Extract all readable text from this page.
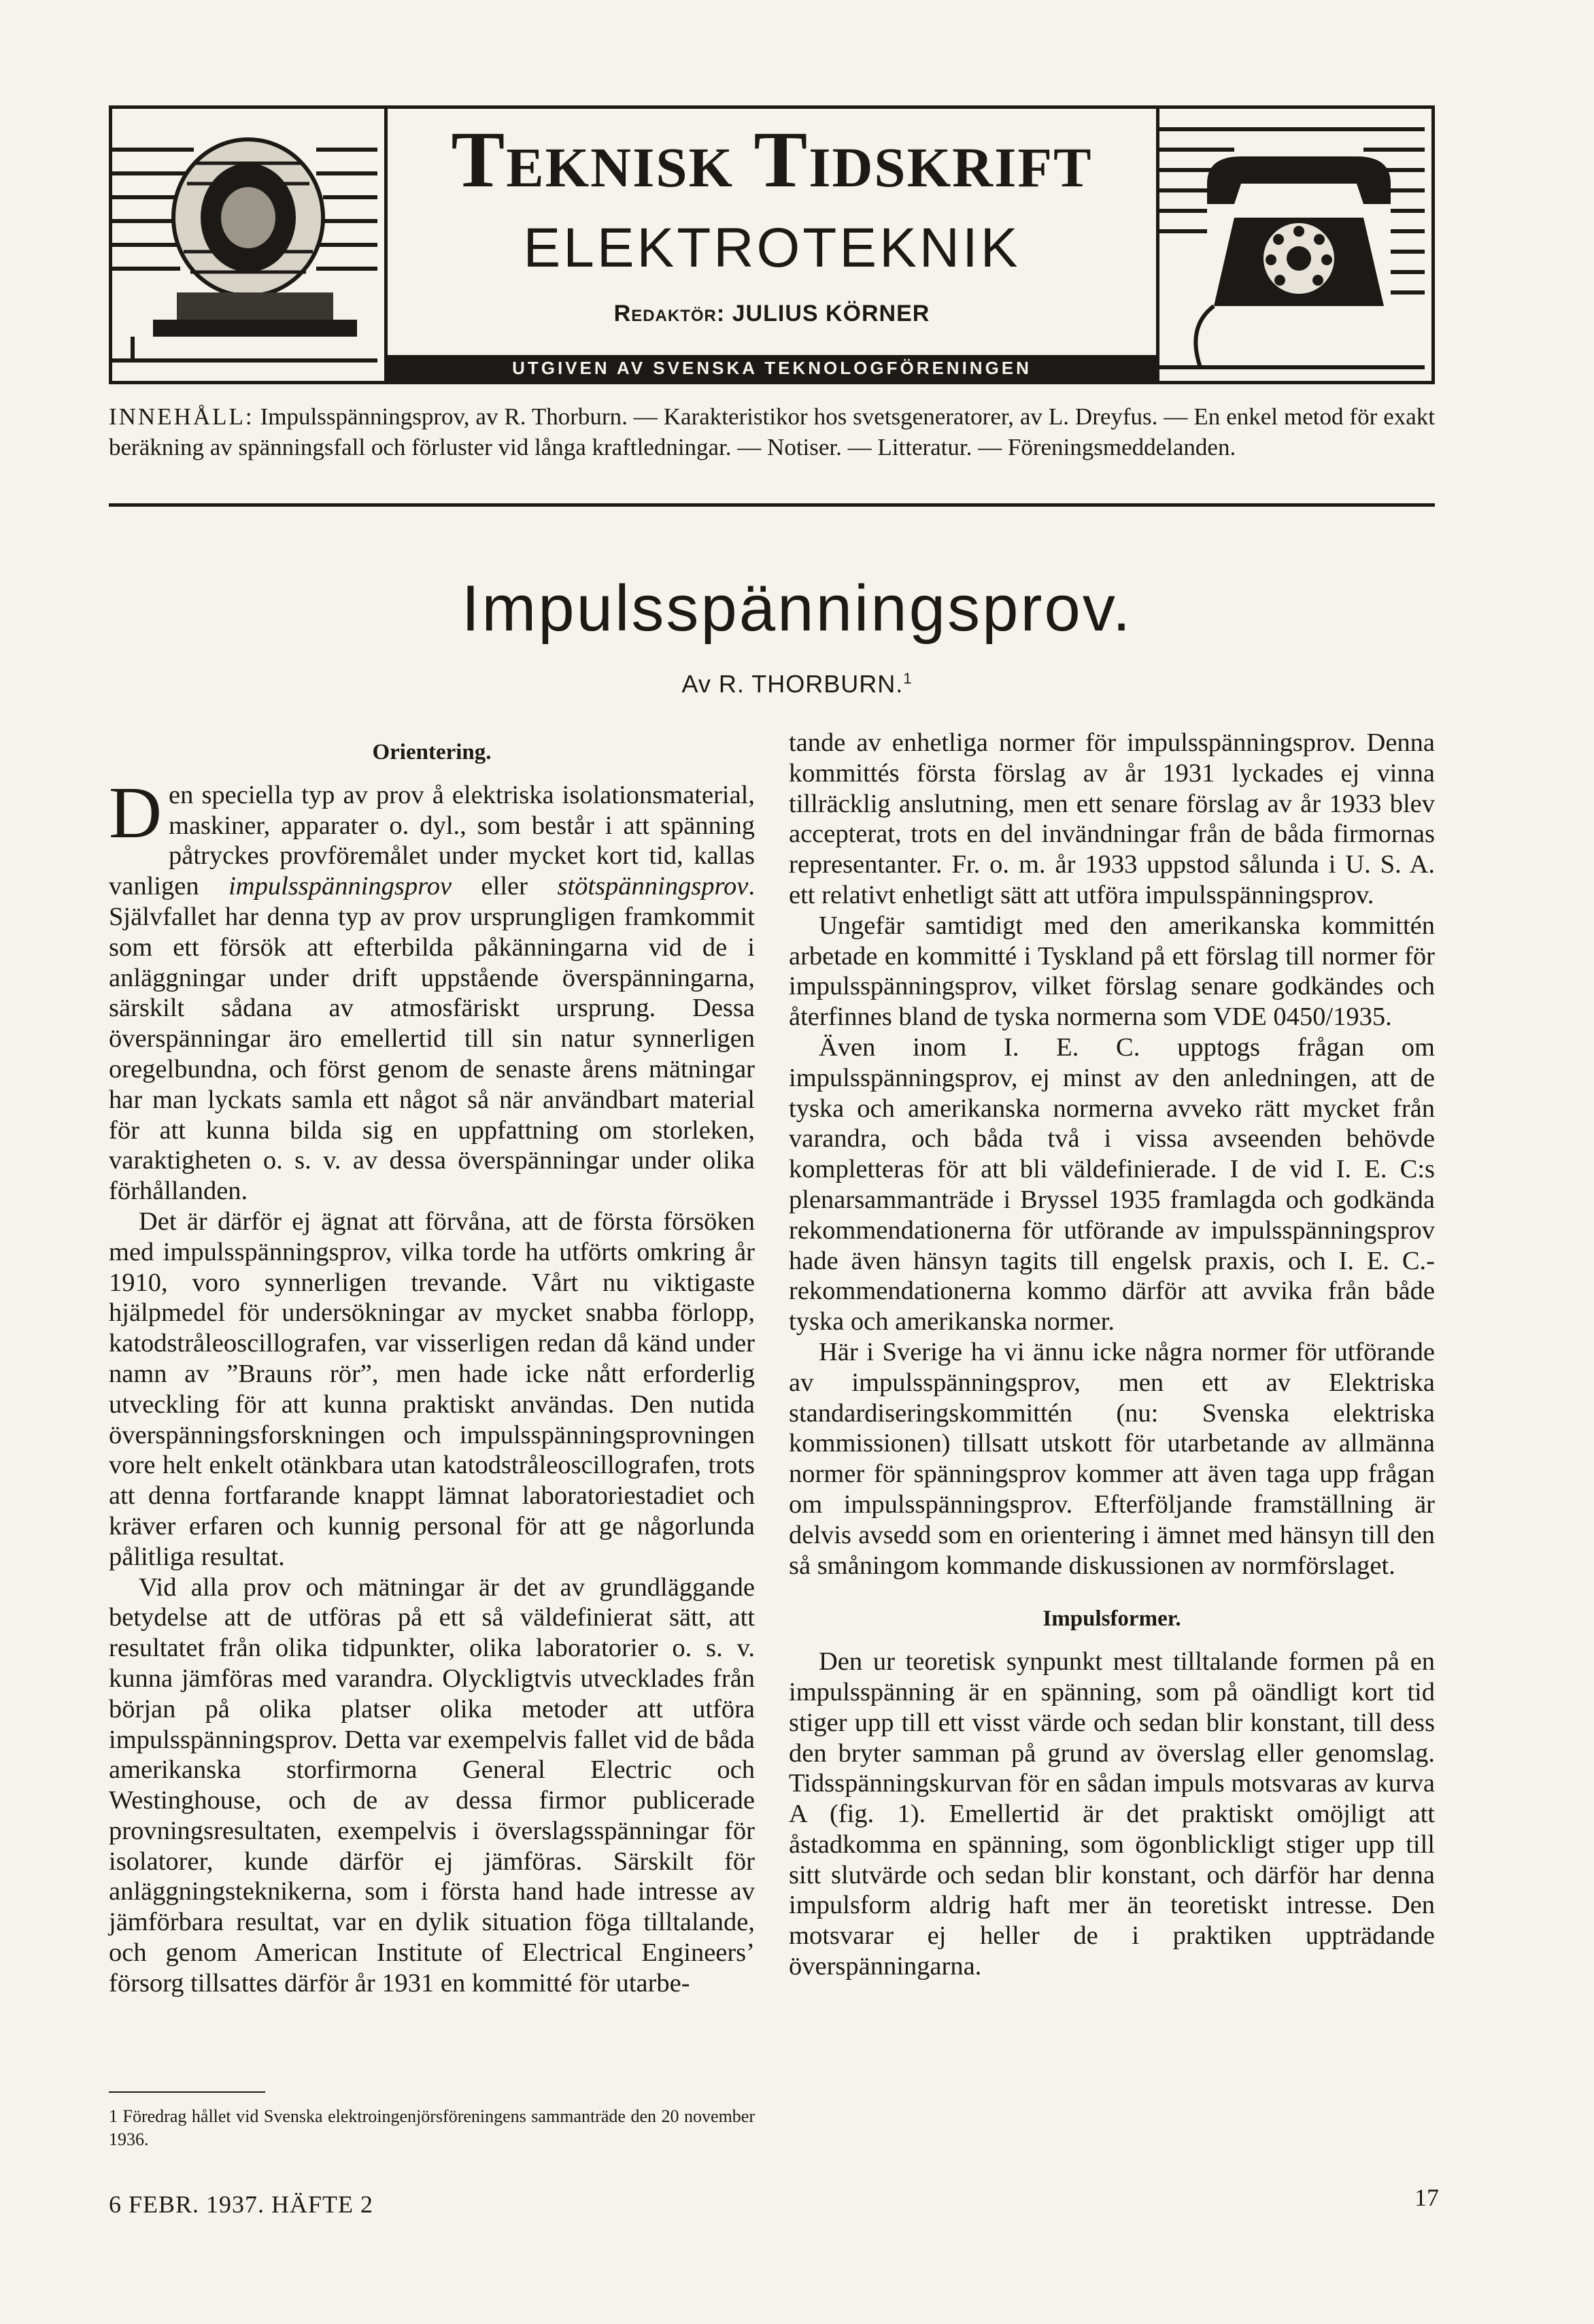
Teknisk Tidskrift
ELEKTROTEKNIK
Redaktör: JULIUS KÖRNER
UTGIVEN AV SVENSKA TEKNOLOGFÖRENINGEN
INNEHÅLL: Impulsspänningsprov, av R. Thorburn. — Karakteristikor hos svetsgeneratorer, av L. Dreyfus. — En enkel metod för exakt beräkning av spänningsfall och förluster vid långa kraftledningar. — Notiser. — Litteratur. — Föreningsmeddelanden.
Impulsspänningsprov.
Av R. THORBURN.$^1$
Orientering.

Den speciella typ av prov å elektriska isolationsmaterial, maskiner, apparater o. dyl., som består i att spänning påtryckes provföremålet under mycket kort tid, kallas vanligen impulsspänningsprov eller stötspänningsprov. Självfallet har denna typ av prov ursprungligen framkommit som ett försök att efterbilda påkänningarna vid de i anläggningar under drift uppstående överspänningarna, särskilt sådana av atmosfäriskt ursprung. Dessa överspänningar äro emellertid till sin natur synnerligen oregelbundna, och först genom de senaste årens mätningar har man lyckats samla ett något så när användbart material för att kunna bilda sig en uppfattning om storleken, varaktigheten o. s. v. av dessa överspänningar under olika förhållanden.

Det är därför ej ägnat att förvåna, att de första försöken med impulsspänningsprov, vilka torde ha utförts omkring år 1910, voro synnerligen trevande. Vårt nu viktigaste hjälpmedel för undersökningar av mycket snabba förlopp, katodstråleoscillografen, var visserligen redan då känd under namn av ”Brauns rör”, men hade icke nått erforderlig utveckling för att kunna praktiskt användas. Den nutida överspänningsforskningen och impulsspänningsprovningen vore helt enkelt otänkbara utan katodstråleoscillografen, trots att denna fortfarande knappt lämnat laboratoriestadiet och kräver erfaren och kunnig personal för att ge någorlunda pålitliga resultat.

Vid alla prov och mätningar är det av grundläggande betydelse att de utföras på ett så väldefinierat sätt, att resultatet från olika tidpunkter, olika laboratorier o. s. v. kunna jämföras med varandra. Olyckligtvis utvecklades från början på olika platser olika metoder att utföra impulsspänningsprov. Detta var exempelvis fallet vid de båda amerikanska storfirmorna General Electric och Westinghouse, och de av dessa firmor publicerade provningsresultaten, exempelvis i överslagsspänningar för isolatorer, kunde därför ej jämföras. Särskilt för anläggningsteknikerna, som i första hand hade intresse av jämförbara resultat, var en dylik situation föga tilltalande, och genom American Institute of Electrical Engineers’ försorg tillsattes därför år 1931 en kommitté för utarbe-

1 Föredrag hållet vid Svenska elektroingenjörsföreningens sammanträde den 20 november 1936.

tande av enhetliga normer för impulsspänningsprov. Denna kommittés första förslag av år 1931 lyckades ej vinna tillräcklig anslutning, men ett senare förslag av år 1933 blev accepterat, trots en del invändningar från de båda firmornas representanter. Fr. o. m. år 1933 uppstod sålunda i U. S. A. ett relativt enhetligt sätt att utföra impulsspänningsprov.

Ungefär samtidigt med den amerikanska kommittén arbetade en kommitté i Tyskland på ett förslag till normer för impulsspänningsprov, vilket förslag senare godkändes och återfinnes bland de tyska normerna som VDE 0450/1935.

Även inom I. E. C. upptogs frågan om impulsspänningsprov, ej minst av den anledningen, att de tyska och amerikanska normerna avveko rätt mycket från varandra, och båda två i vissa avseenden behövde kompletteras för att bli väldefinierade. I de vid I. E. C:s plenarsammanträde i Bryssel 1935 framlagda och godkända rekommendationerna för utförande av impulsspänningsprov hade även hänsyn tagits till engelsk praxis, och I. E. C.-rekommendationerna kommo därför att avvika från både tyska och amerikanska normer.

Här i Sverige ha vi ännu icke några normer för utförande av impulsspänningsprov, men ett av Elektriska standardiseringskommittén (nu: Svenska elektriska kommissionen) tillsatt utskott för utarbetande av allmänna normer för spänningsprov kommer att även taga upp frågan om impulsspänningsprov. Efterföljande framställning är delvis avsedd som en orientering i ämnet med hänsyn till den så småningom kommande diskussionen av normförslaget.

Impulsformer.

Den ur teoretisk synpunkt mest tilltalande formen på en impulsspänning är en spänning, som på oändligt kort tid stiger upp till ett visst värde och sedan blir konstant, till dess den bryter samman på grund av överslag eller genomslag. Tidsspänningskurvan för en sådan impuls motsvaras av kurva A (fig. 1). Emellertid är det praktiskt omöjligt att åstadkomma en spänning, som ögonblickligt stiger upp till sitt slutvärde och sedan blir konstant, och därför har denna impulsform aldrig haft mer än teoretiskt intresse. Den motsvarar ej heller de i praktiken uppträdande överspänningarna.

6 FEBR. 1937. HÄFTE 2	17
